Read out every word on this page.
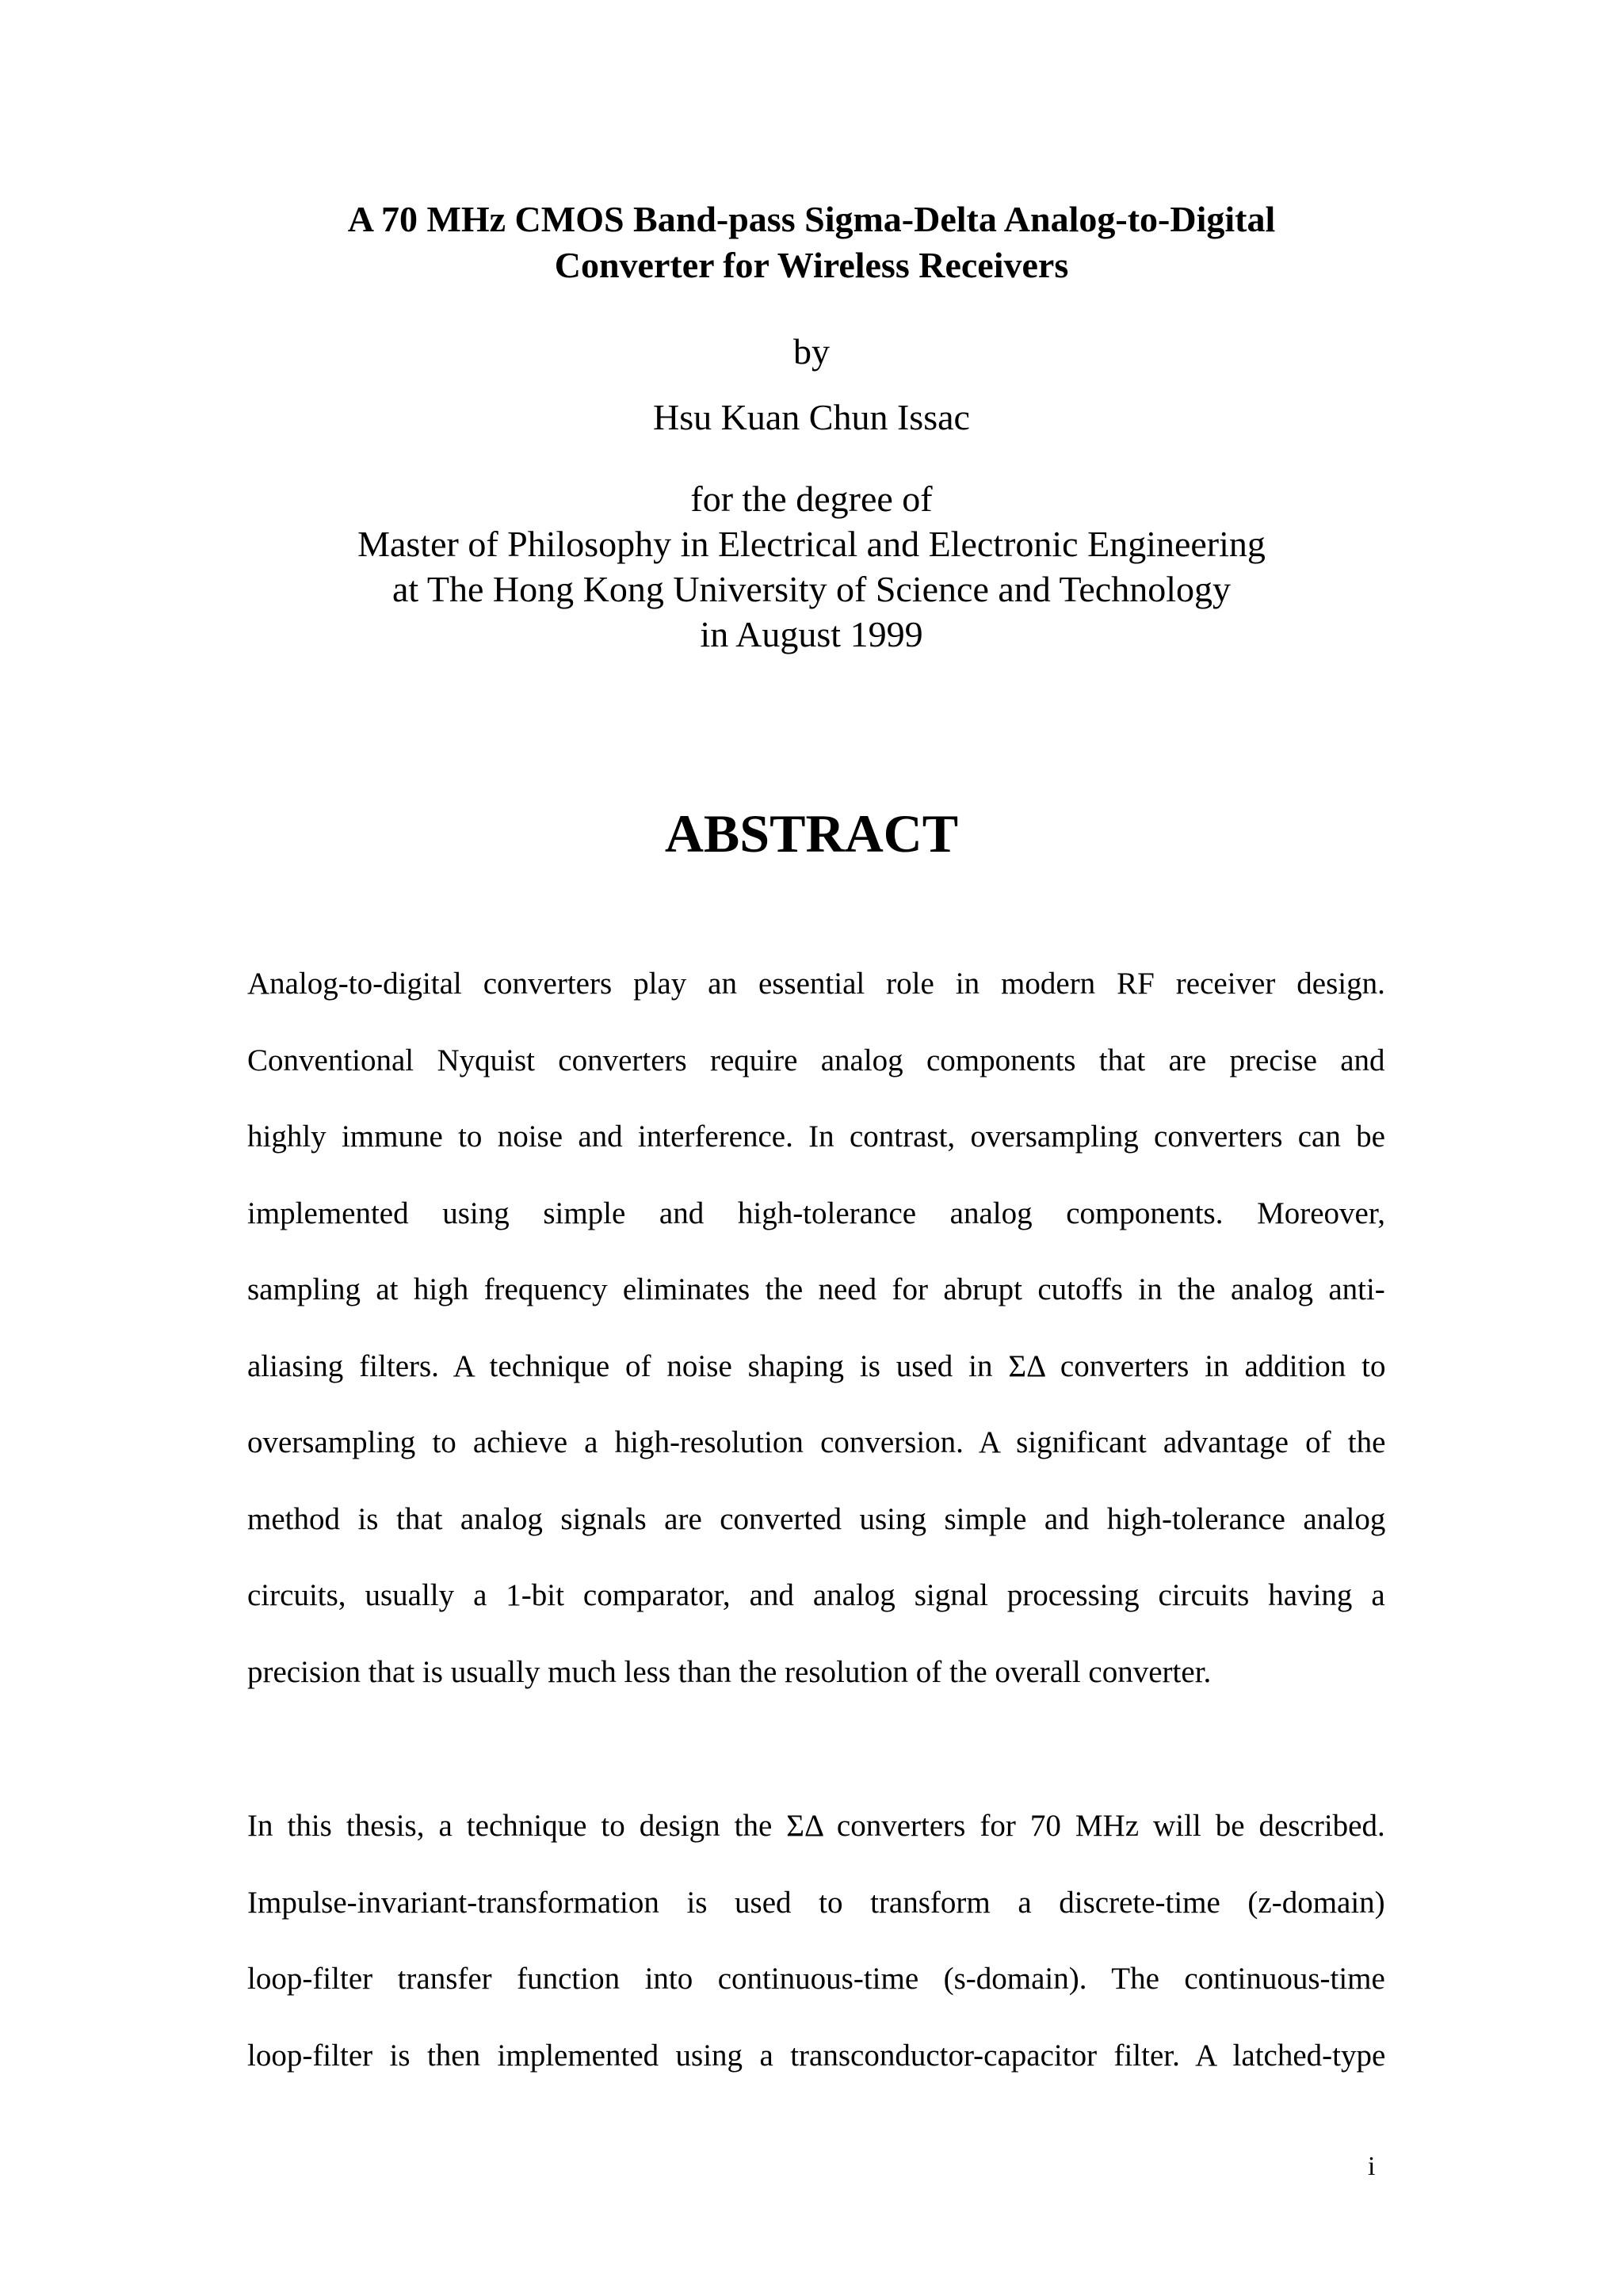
A 70 MHz CMOS Band-pass Sigma-Delta Analog-to-Digital
Converter for Wireless Receivers
by
Hsu Kuan Chun Issac
for the degree of
Master of Philosophy in Electrical and Electronic Engineering
at The Hong Kong University of Science and Technology
in August 1999
ABSTRACT
Analog-to-digital converters play an essential role in modern RF receiver design.
Conventional Nyquist converters require analog components that are precise and
highly immune to noise and interference. In contrast, oversampling converters can be
implemented using simple and high-tolerance analog components. Moreover,
sampling at high frequency eliminates the need for abrupt cutoffs in the analog anti-
aliasing filters. A technique of noise shaping is used in ΣΔ converters in addition to
oversampling to achieve a high-resolution conversion. A significant advantage of the
method is that analog signals are converted using simple and high-tolerance analog
circuits, usually a 1-bit comparator, and analog signal processing circuits having a
precision that is usually much less than the resolution of the overall converter.
In this thesis, a technique to design the ΣΔ converters for 70 MHz will be described.
Impulse-invariant-transformation is used to transform a discrete-time (z-domain)
loop-filter transfer function into continuous-time (s-domain). The continuous-time
loop-filter is then implemented using a transconductor-capacitor filter. A latched-type
i
